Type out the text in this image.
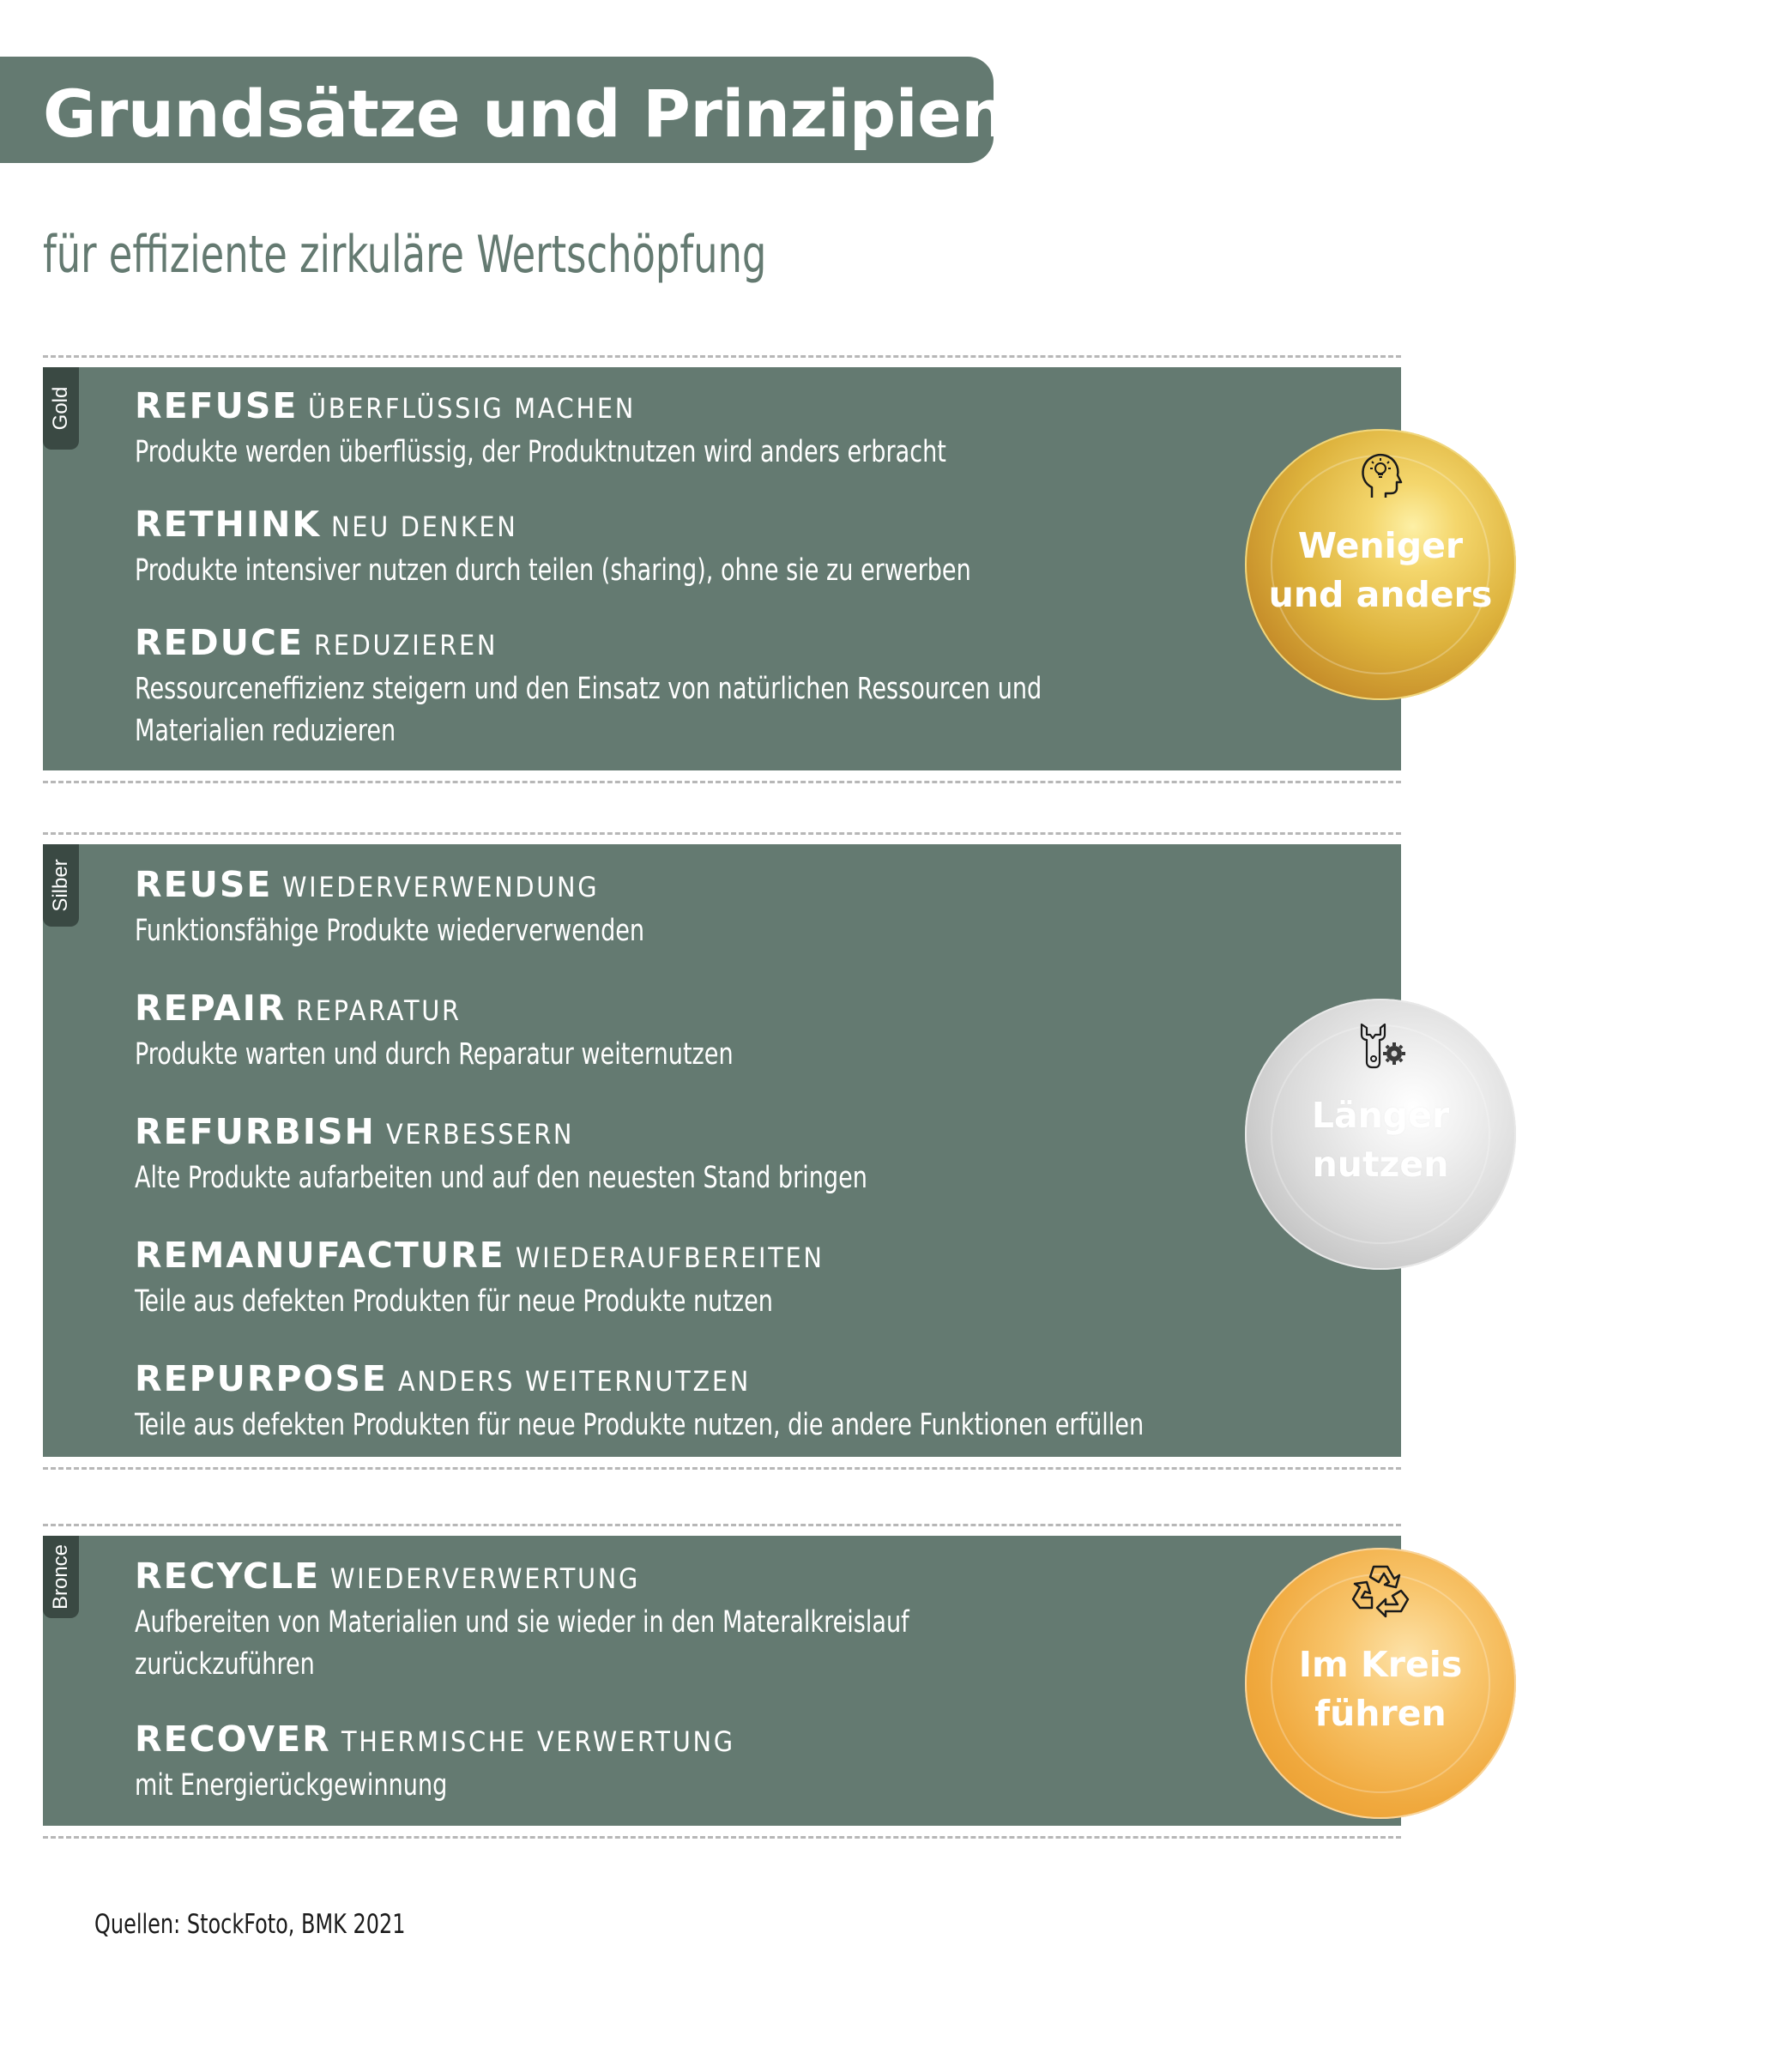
Grundsätze und Prinzipien

für effiziente zirkuläre Wertschöpfung

Gold REFUSE ÜBERFLÜSSIG MACHEN
Produkte werden überflüssig, der Produktnutzen wird anders erbracht
RETHINK NEU DENKEN
Produkte intensiver nutzen durch teilen (sharing), ohne sie zu erwerben
REDUCE REDUZIEREN
Ressourceneffizienz steigern und den Einsatz von natürlichen Ressourcen und
Materialien reduzieren
Weniger
und anders
Silber REUSE WIEDERVERWENDUNG
Funktionsfähige Produkte wiederverwenden
REPAIR REPARATUR
Produkte warten und durch Reparatur weiternutzen
REFURBISH VERBESSERN
Alte Produkte aufarbeiten und auf den neuesten Stand bringen
REMANUFACTURE WIEDERAUFBEREITEN
Teile aus defekten Produkten für neue Produkte nutzen
REPURPOSE ANDERS WEITERNUTZEN
Teile aus defekten Produkten für neue Produkte nutzen, die andere Funktionen erfüllen
Länger
nutzen
Bronce RECYCLE WIEDERVERWERTUNG
Aufbereiten von Materialien und sie wieder in den Materalkreislauf
zurückzuführen
RECOVER THERMISCHE VERWERTUNG
mit Energierückgewinnung
Im Kreis
führen

Quellen: StockFoto, BMK 2021
